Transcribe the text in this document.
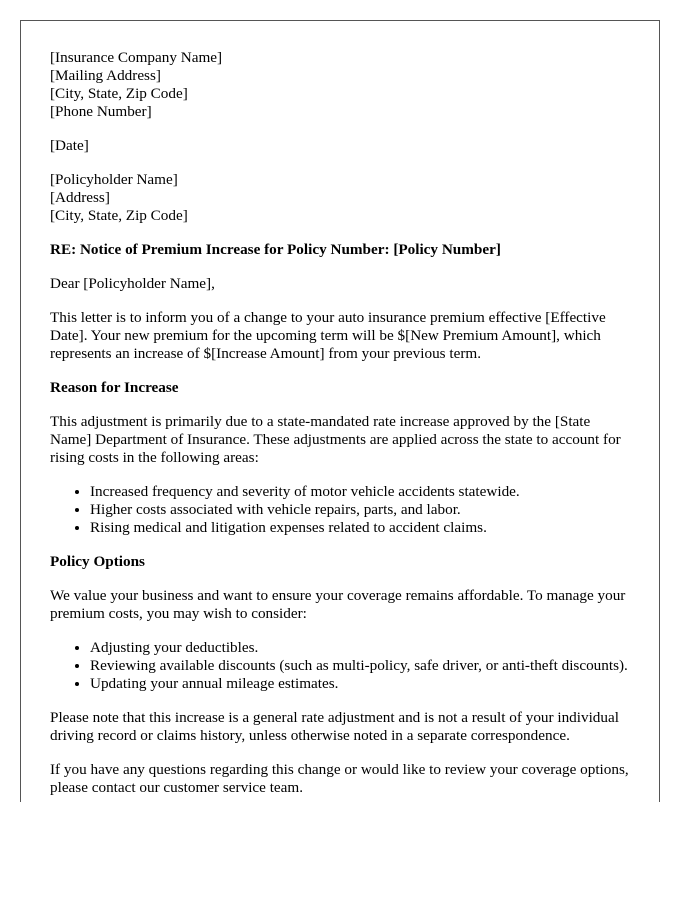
[Insurance Company Name]
[Mailing Address]
[City, State, Zip Code]
[Phone Number]

[Date]

[Policyholder Name]
[Address]
[City, State, Zip Code]

RE: Notice of Premium Increase for Policy Number: [Policy Number]

Dear [Policyholder Name],

This letter is to inform you of a change to your auto insurance premium effective [Effective Date]. Your new premium for the upcoming term will be $[New Premium Amount], which represents an increase of $[Increase Amount] from your previous term.

Reason for Increase

This adjustment is primarily due to a state-mandated rate increase approved by the [State Name] Department of Insurance. These adjustments are applied across the state to account for rising costs in the following areas:

• Increased frequency and severity of motor vehicle accidents statewide.
• Higher costs associated with vehicle repairs, parts, and labor.
• Rising medical and litigation expenses related to accident claims.
Policy Options

We value your business and want to ensure your coverage remains affordable. To manage your premium costs, you may wish to consider:

• Adjusting your deductibles.
• Reviewing available discounts (such as multi-policy, safe driver, or anti-theft discounts).
• Updating your annual mileage estimates.

Please note that this increase is a general rate adjustment and is not a result of your individual driving record or claims history, unless otherwise noted in a separate correspondence.

If you have any questions regarding this change or would like to review your coverage options, please contact our customer service team.
